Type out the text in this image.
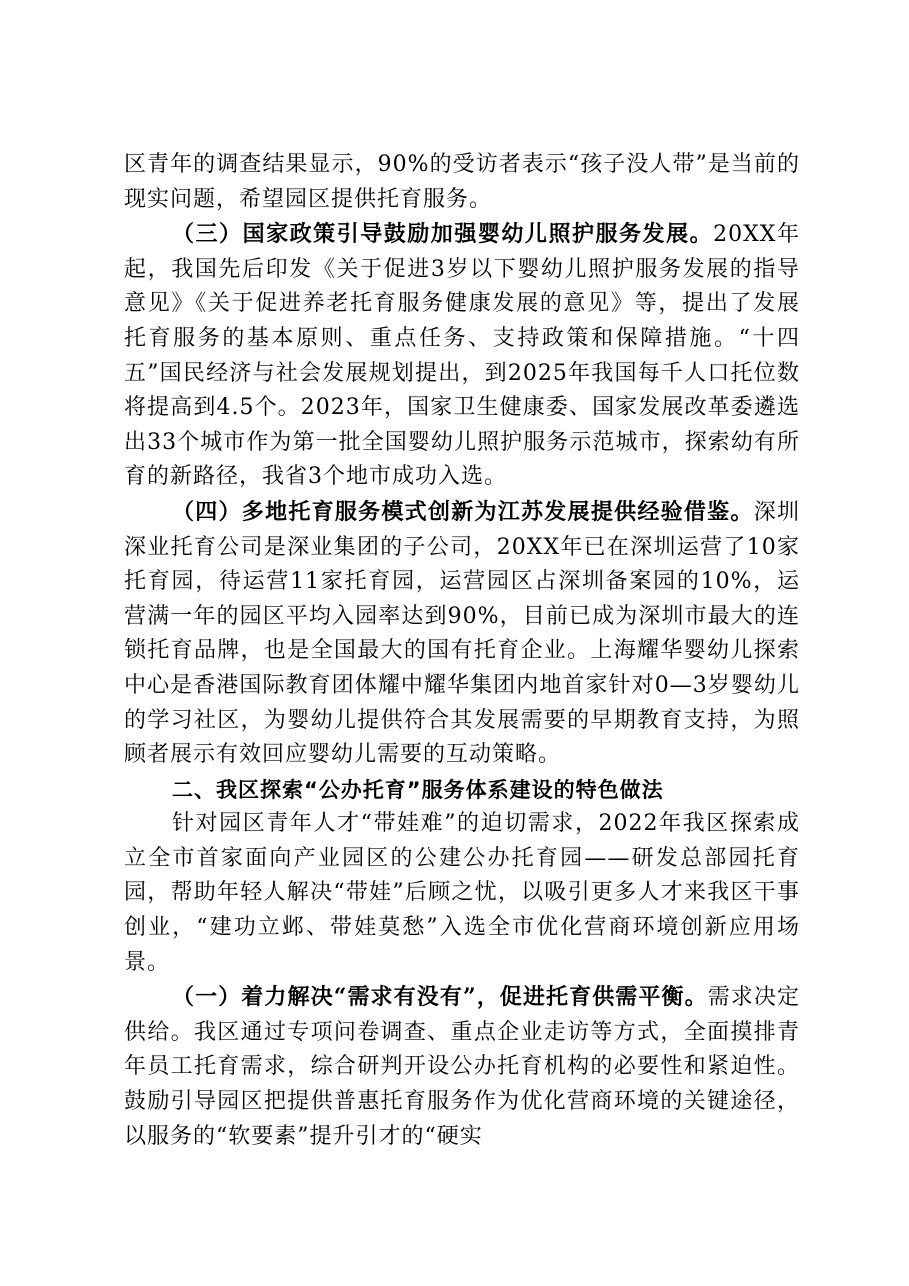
区青年的调查结果显示，90%的受访者表示“孩子没人带”是当前的现实问题，希望园区提供托育服务。

（三）国家政策引导鼓励加强婴幼儿照护服务发展。20XX年起，我国先后印发《关于促进3岁以下婴幼儿照护服务发展的指导意见》《关于促进养老托育服务健康发展的意见》等，提出了发展托育服务的基本原则、重点任务、支持政策和保障措施。“十四五”国民经济与社会发展规划提出，到2025年我国每千人口托位数将提高到4.5个。2023年，国家卫生健康委、国家发展改革委遴选出33个城市作为第一批全国婴幼儿照护服务示范城市，探索幼有所育的新路径，我省3个地市成功入选。

（四）多地托育服务模式创新为江苏发展提供经验借鉴。深圳深业托育公司是深业集团的子公司，20XX年已在深圳运营了10家托育园，待运营11家托育园，运营园区占深圳备案园的10%，运营满一年的园区平均入园率达到90%，目前已成为深圳市最大的连锁托育品牌，也是全国最大的国有托育企业。上海耀华婴幼儿探索中心是香港国际教育团体耀中耀华集团内地首家针对0—3岁婴幼儿的学习社区，为婴幼儿提供符合其发展需要的早期教育支持，为照顾者展示有效回应婴幼儿需要的互动策略。

二、我区探索“公办托育”服务体系建设的特色做法

针对园区青年人才“带娃难”的迫切需求，2022年我区探索成立全市首家面向产业园区的公建公办托育园——研发总部园托育园，帮助年轻人解决“带娃”后顾之忧，以吸引更多人才来我区干事创业，“建功立邺、带娃莫愁”入选全市优化营商环境创新应用场景。

（一）着力解决“需求有没有”，促进托育供需平衡。需求决定供给。我区通过专项问卷调查、重点企业走访等方式，全面摸排青年员工托育需求，综合研判开设公办托育机构的必要性和紧迫性。鼓励引导园区把提供普惠托育服务作为优化营商环境的关键途径，以服务的“软要素”提升引才的“硬实
